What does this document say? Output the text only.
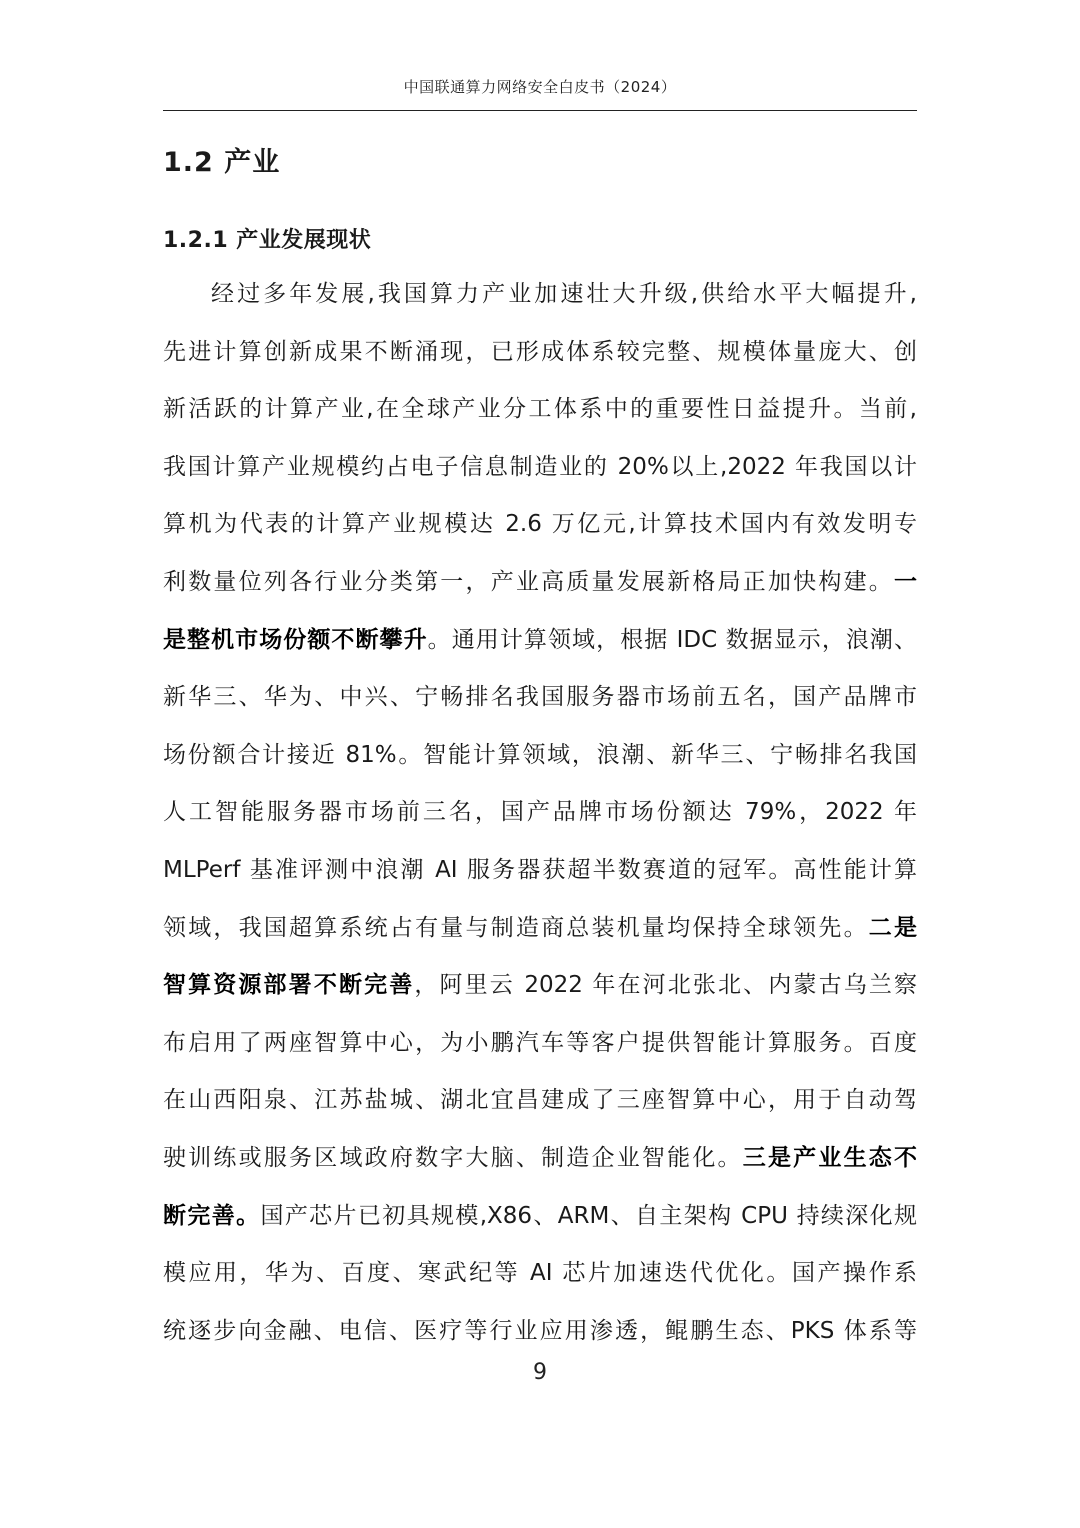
中国联通算力网络安全白皮书（2024）
1.2 产业
1.2.1 产业发展现状
经过多年发展,我国算力产业加速壮大升级,供给水平大幅提升,
先进计算创新成果不断涌现，已形成体系较完整、规模体量庞大、创
新活跃的计算产业,在全球产业分工体系中的重要性日益提升。当前,
我国计算产业规模约占电子信息制造业的 20%以上,2022 年我国以计
算机为代表的计算产业规模达 2.6 万亿元,计算技术国内有效发明专
利数量位列各行业分类第一，产业高质量发展新格局正加快构建。一
是整机市场份额不断攀升。通用计算领域，根据 IDC 数据显示，浪潮、
新华三、华为、中兴、宁畅排名我国服务器市场前五名，国产品牌市
场份额合计接近 81%。智能计算领域，浪潮、新华三、宁畅排名我国
人工智能服务器市场前三名，国产品牌市场份额达 79%，2022 年
MLPerf 基准评测中浪潮 AI 服务器获超半数赛道的冠军。高性能计算
领域，我国超算系统占有量与制造商总装机量均保持全球领先。二是
智算资源部署不断完善，阿里云 2022 年在河北张北、内蒙古乌兰察
布启用了两座智算中心，为小鹏汽车等客户提供智能计算服务。百度
在山西阳泉、江苏盐城、湖北宜昌建成了三座智算中心，用于自动驾
驶训练或服务区域政府数字大脑、制造企业智能化。三是产业生态不
断完善。国产芯片已初具规模,X86、ARM、自主架构 CPU 持续深化规
模应用，华为、百度、寒武纪等 AI 芯片加速迭代优化。国产操作系
统逐步向金融、电信、医疗等行业应用渗透，鲲鹏生态、PKS 体系等
9
